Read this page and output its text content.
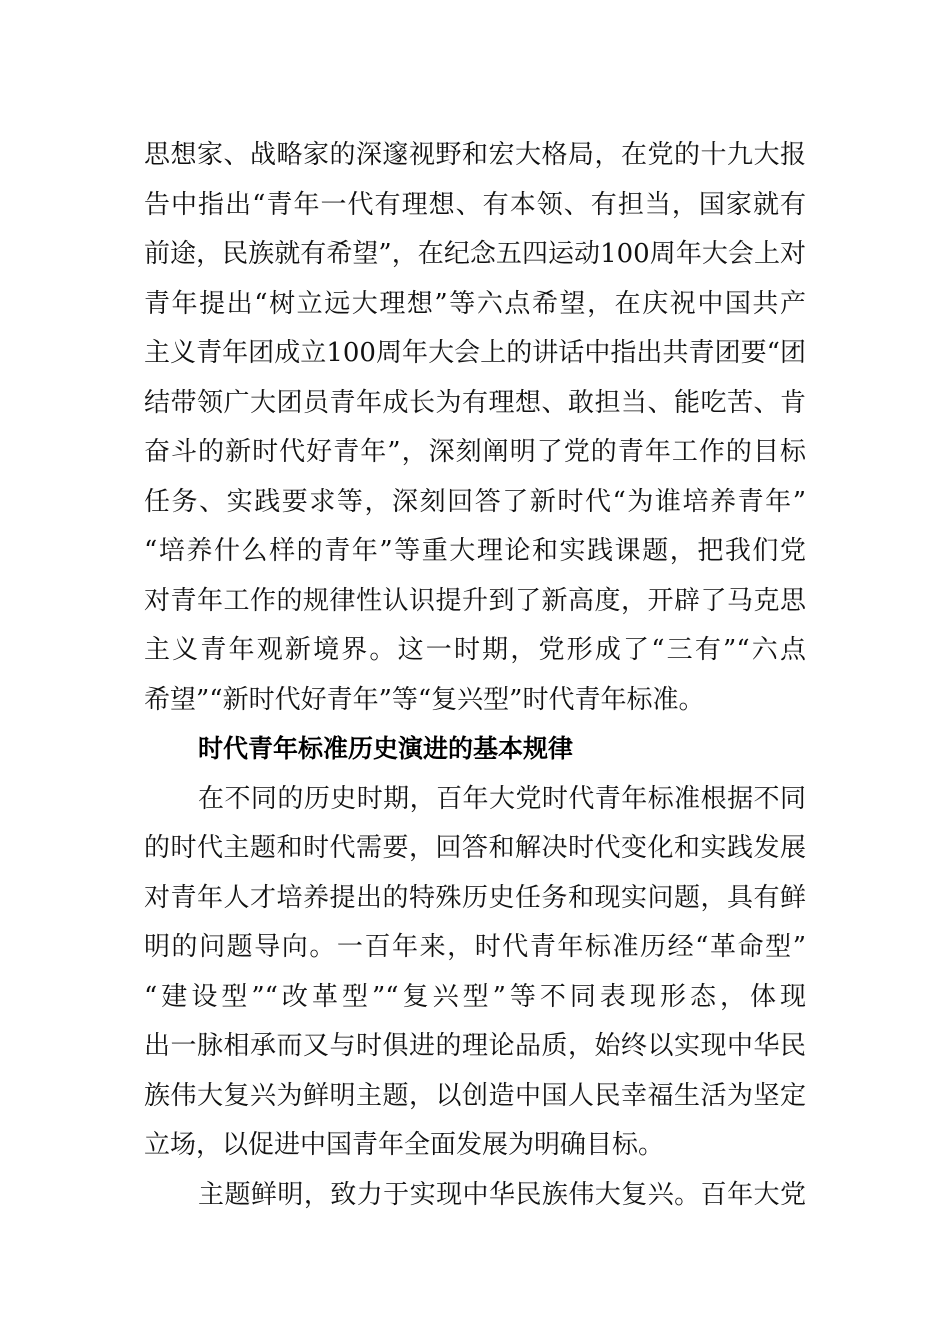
思想家、战略家的深邃视野和宏大格局，在党的十九大报
告中指出“青年一代有理想、有本领、有担当，国家就有
前途，民族就有希望”，在纪念五四运动100周年大会上对
青年提出“树立远大理想”等六点希望，在庆祝中国共产
主义青年团成立100周年大会上的讲话中指出共青团要“团
结带领广大团员青年成长为有理想、敢担当、能吃苦、肯
奋斗的新时代好青年”，深刻阐明了党的青年工作的目标
任务、实践要求等，深刻回答了新时代“为谁培养青年”
“培养什么样的青年”等重大理论和实践课题，把我们党
对青年工作的规律性认识提升到了新高度，开辟了马克思
主义青年观新境界。这一时期，党形成了“三有”“六点
希望”“新时代好青年”等“复兴型”时代青年标准。
时代青年标准历史演进的基本规律
在不同的历史时期，百年大党时代青年标准根据不同
的时代主题和时代需要，回答和解决时代变化和实践发展
对青年人才培养提出的特殊历史任务和现实问题，具有鲜
明的问题导向。一百年来，时代青年标准历经“革命型”
“建设型”“改革型”“复兴型”等不同表现形态，体现
出一脉相承而又与时俱进的理论品质，始终以实现中华民
族伟大复兴为鲜明主题，以创造中国人民幸福生活为坚定
立场，以促进中国青年全面发展为明确目标。
主题鲜明，致力于实现中华民族伟大复兴。百年大党
